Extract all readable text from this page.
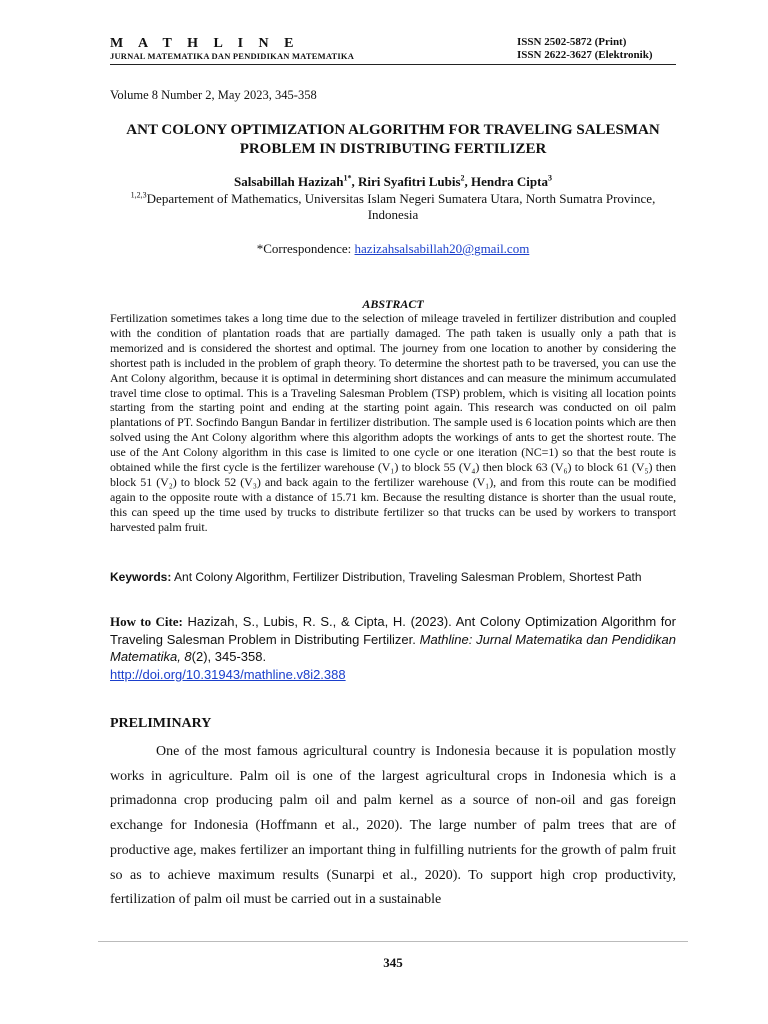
M A T H L I N E
JURNAL MATEMATIKA DAN PENDIDIKAN MATEMATIKA
ISSN 2502-5872 (Print)
ISSN 2622-3627 (Elektronik)
Volume 8 Number 2, May 2023, 345-358
ANT COLONY OPTIMIZATION ALGORITHM FOR TRAVELING SALESMAN PROBLEM IN DISTRIBUTING FERTILIZER
Salsabillah Hazizah$^{1*}$, Riri Syafitri Lubis$^2$, Hendra Cipta$^3$
$^{1,2,3}$Departement of Mathematics, Universitas Islam Negeri Sumatera Utara, North Sumatra Province, Indonesia
*Correspondence: hazizahsalsabillah20@gmail.com
ABSTRACT
Fertilization sometimes takes a long time due to the selection of mileage traveled in fertilizer distribution and coupled with the condition of plantation roads that are partially damaged. The path taken is usually only a path that is memorized and is considered the shortest and optimal. The journey from one location to another by considering the shortest path is included in the problem of graph theory. To determine the shortest path to be traversed, you can use the Ant Colony algorithm, because it is optimal in determining short distances and can measure the minimum accumulated travel time close to optimal. This is a Traveling Salesman Problem (TSP) problem, which is visiting all location points starting from the starting point and ending at the starting point again. This research was conducted on oil palm plantations of PT. Socfindo Bangun Bandar in fertilizer distribution. The sample used is 6 location points which are then solved using the Ant Colony algorithm where this algorithm adopts the workings of ants to get the shortest route. The use of the Ant Colony algorithm in this case is limited to one cycle or one iteration (NC=1) so that the best route is obtained while the first cycle is the fertilizer warehouse (V₁) to block 55 (V₄) then block 63 (V₆) to block 61 (V₅) then block 51 (V₂) to block 52 (V₃) and back again to the fertilizer warehouse (V₁), and from this route can be modified again to the opposite route with a distance of 15.71 km. Because the resulting distance is shorter than the usual route, this can speed up the time used by trucks to distribute fertilizer so that trucks can be used by workers to transport harvested palm fruit.
Keywords: Ant Colony Algorithm, Fertilizer Distribution, Traveling Salesman Problem, Shortest Path
How to Cite: Hazizah, S., Lubis, R. S., & Cipta, H. (2023). Ant Colony Optimization Algorithm for Traveling Salesman Problem in Distributing Fertilizer. Mathline: Jurnal Matematika dan Pendidikan Matematika, 8(2), 345-358.
http://doi.org/10.31943/mathline.v8i2.388
PRELIMINARY

One of the most famous agricultural country is Indonesia because it is population mostly works in agriculture. Palm oil is one of the largest agricultural crops in Indonesia which is a primadonna crop producing palm oil and palm kernel as a source of non-oil and gas foreign exchange for Indonesia (Hoffmann et al., 2020). The large number of palm trees that are of productive age, makes fertilizer an important thing in fulfilling nutrients for the growth of palm fruit so as to achieve maximum results (Sunarpi et al., 2020). To support high crop productivity, fertilization of palm oil must be carried out in a sustainable

345
